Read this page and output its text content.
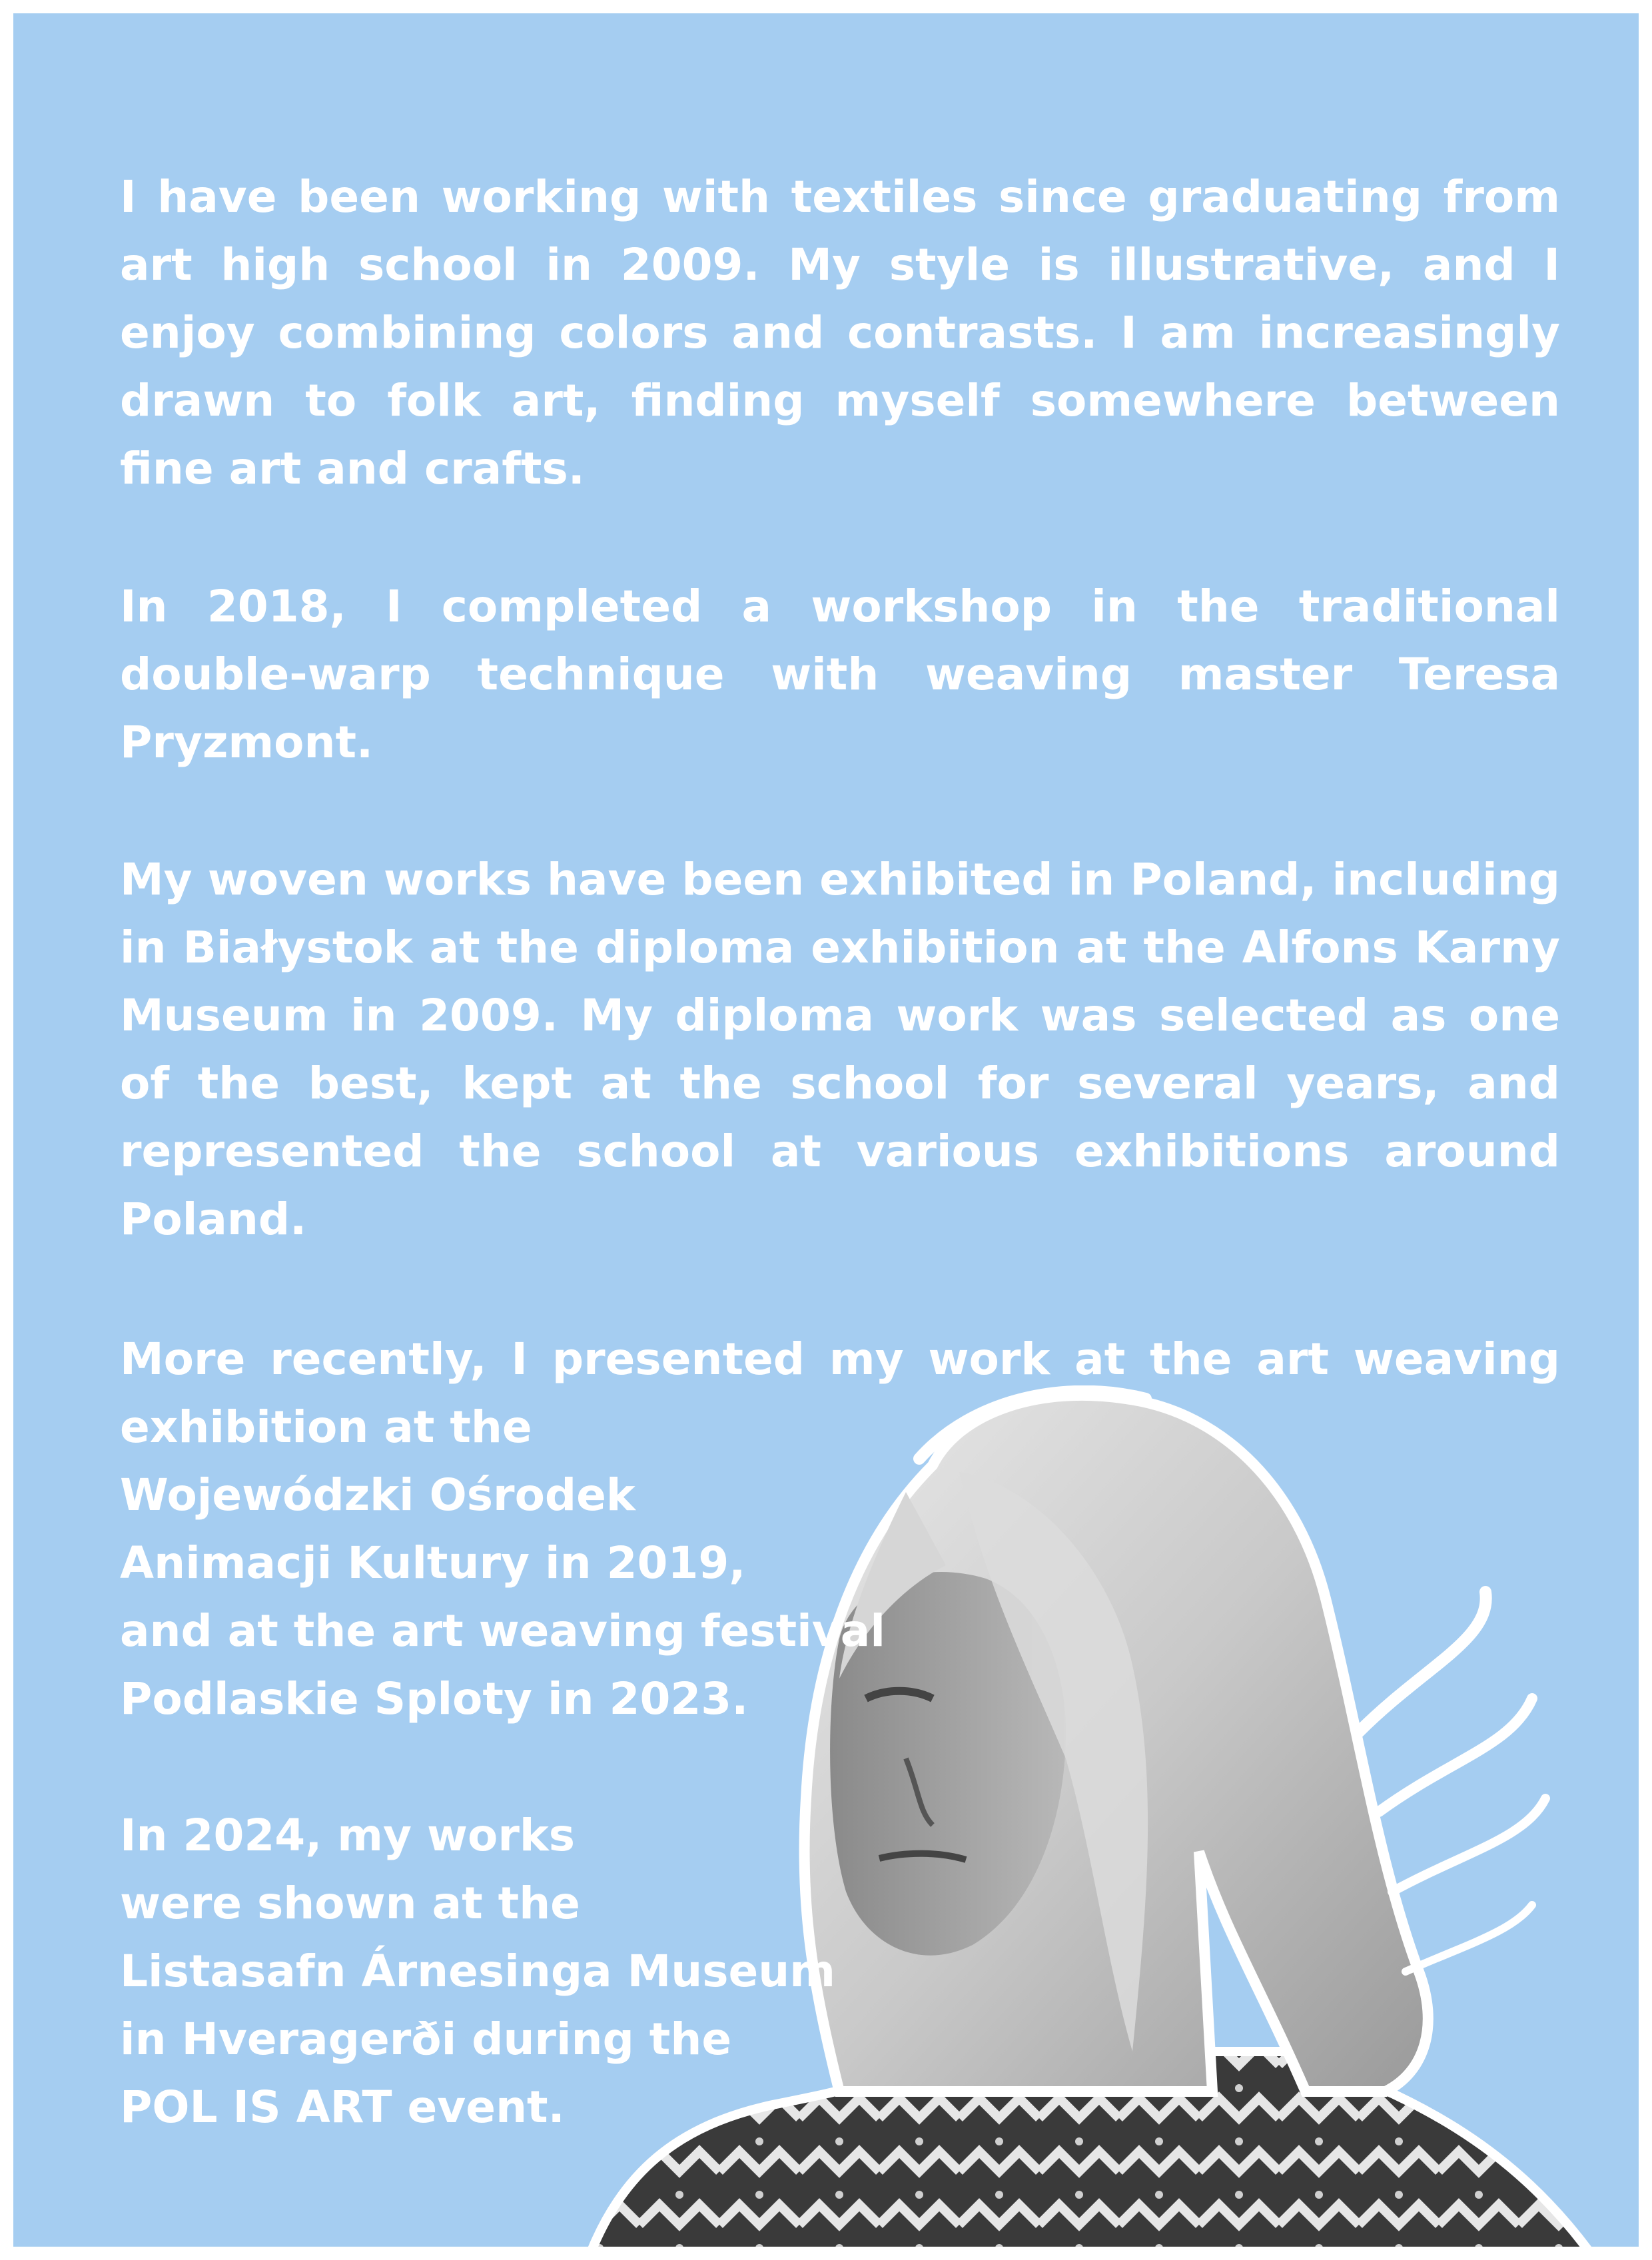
I have been working with textiles since graduating from art high school in 2009. My style is illustrative, and I enjoy combining colors and contrasts. I am increasingly drawn to folk art, finding myself somewhere between fine art and crafts.

In 2018, I completed a workshop in the traditional double-warp technique with weaving master Teresa Pryzmont.

My woven works have been exhibited in Poland, including in Białystok at the diploma exhibition at the Alfons Karny Museum in 2009. My diploma work was selected as one of the best, kept at the school for several years, and represented the school at various exhibitions around Poland.

More recently, I presented my work at the art weaving
exhibition at the
Wojewódzki Ośrodek
Animacji Kultury in 2019,
and at the art weaving festival
Podlaskie Sploty in 2023.
In 2024, my works
were shown at the
Listasafn Árnesinga Museum
in Hveragerði during the
POL IS ART event.
